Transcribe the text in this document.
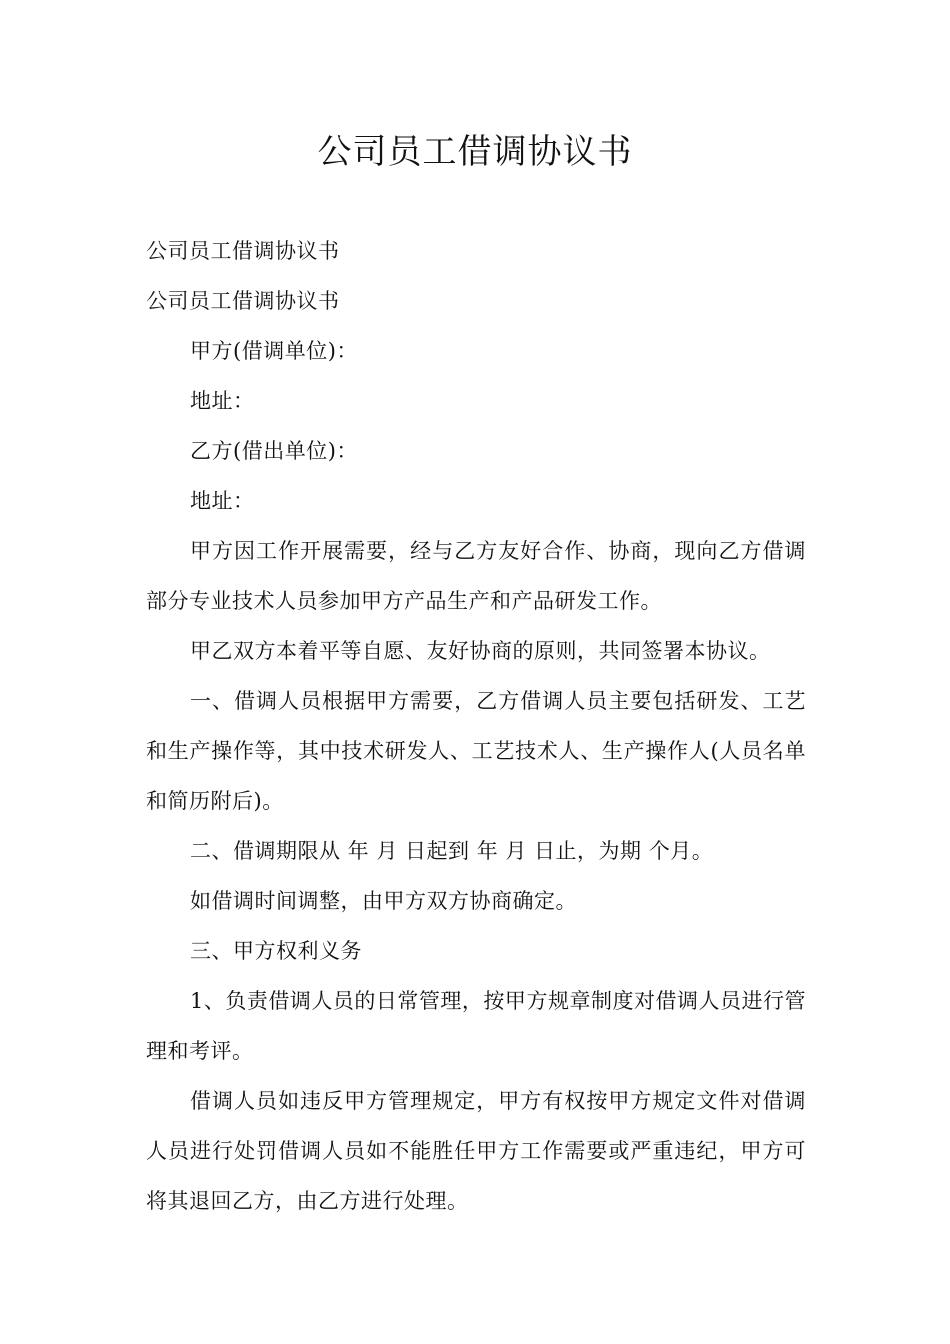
公司员工借调协议书

公司员工借调协议书

公司员工借调协议书

甲方(借调单位)：

地址：

乙方(借出单位)：

地址：

甲方因工作开展需要，经与乙方友好合作、协商，现向乙方借调部分专业技术人员参加甲方产品生产和产品研发工作。

甲乙双方本着平等自愿、友好协商的原则，共同签署本协议。

一、借调人员根据甲方需要，乙方借调人员主要包括研发、工艺和生产操作等，其中技术研发人、工艺技术人、生产操作人(人员名单和简历附后)。

二、借调期限从 年 月 日起到 年 月 日止，为期 个月。

如借调时间调整，由甲方双方协商确定。

三、甲方权利义务

1、负责借调人员的日常管理，按甲方规章制度对借调人员进行管理和考评。

借调人员如违反甲方管理规定，甲方有权按甲方规定文件对借调人员进行处罚借调人员如不能胜任甲方工作需要或严重违纪，甲方可将其退回乙方，由乙方进行处理。
